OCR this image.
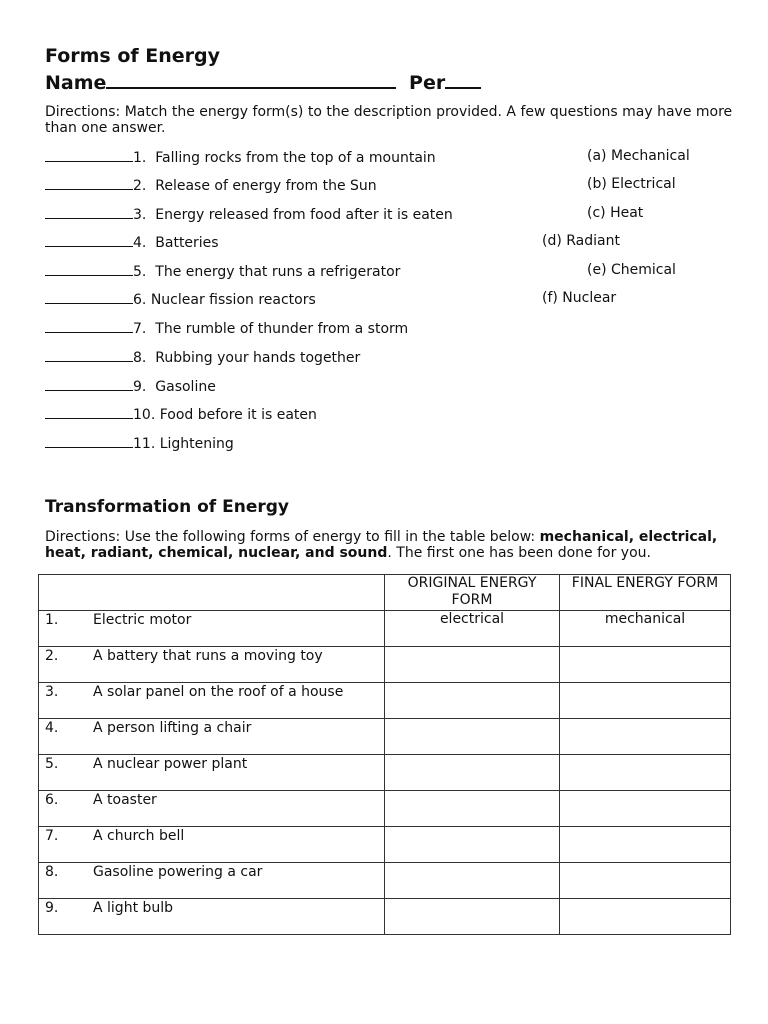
Forms of Energy
Name	Per
Directions: Match the energy form(s) to the description provided. A few questions may have more than one answer.
1. Falling rocks from the top of a mountain
2. Release of energy from the Sun
3. Energy released from food after it is eaten
4. Batteries
5. The energy that runs a refrigerator
6. Nuclear fission reactors
7. The rumble of thunder from a storm
8. Rubbing your hands together
9. Gasoline
10. Food before it is eaten
11. Lightening
(a) Mechanical
(b) Electrical
(c) Heat
(d) Radiant
(e) Chemical
(f) Nuclear
Transformation of Energy
Directions: Use the following forms of energy to fill in the table below: mechanical, electrical, heat, radiant, chemical, nuclear, and sound. The first one has been done for you.
	ORIGINAL ENERGY FORM	FINAL ENERGY FORM
1. Electric motor	electrical	mechanical
2. A battery that runs a moving toy		
3. A solar panel on the roof of a house		
4. A person lifting a chair		
5. A nuclear power plant		
6. A toaster		
7. A church bell		
8. Gasoline powering a car		
9. A light bulb		
